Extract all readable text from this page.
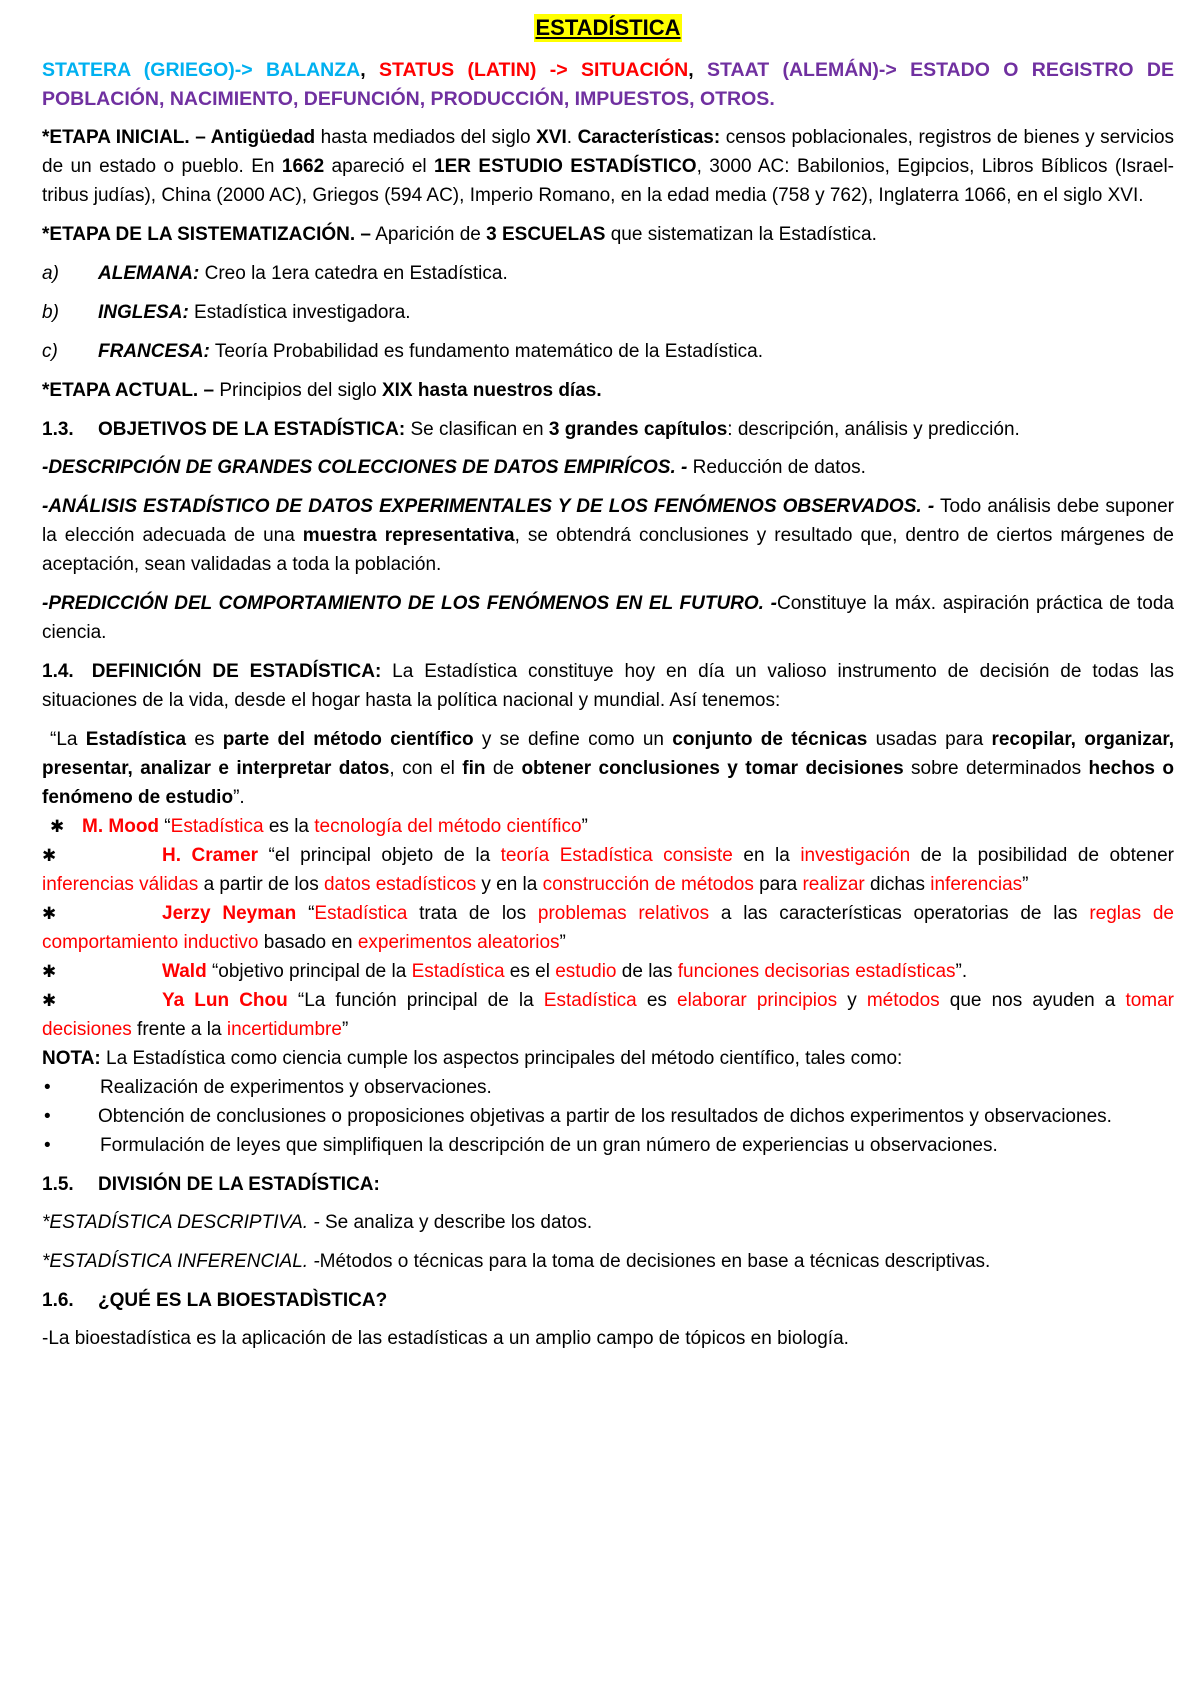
ESTADÍSTICA

STATERA (GRIEGO)-> BALANZA, STATUS (LATIN) -> SITUACIÓN, STAAT (ALEMÁN)-> ESTADO O REGISTRO DE POBLACIÓN, NACIMIENTO, DEFUNCIÓN, PRODUCCIÓN, IMPUESTOS, OTROS.

*ETAPA INICIAL. – Antigüedad hasta mediados del siglo XVI. Características: censos poblacionales, registros de bienes y servicios de un estado o pueblo. En 1662 apareció el 1ER ESTUDIO ESTADÍSTICO, 3000 AC: Babilonios, Egipcios, Libros Bíblicos (Israel- tribus judías), China (2000 AC), Griegos (594 AC), Imperio Romano, en la edad media (758 y 762), Inglaterra 1066, en el siglo XVI.

*ETAPA DE LA SISTEMATIZACIÓN. – Aparición de 3 ESCUELAS que sistematizan la Estadística.

a)	ALEMANA: Creo la 1era catedra en Estadística.
b)	INGLESA: Estadística investigadora.
c)	FRANCESA: Teoría Probabilidad es fundamento matemático de la Estadística.

*ETAPA ACTUAL. – Principios del siglo XIX hasta nuestros días.

1.3.	OBJETIVOS DE LA ESTADÍSTICA: Se clasifican en 3 grandes capítulos: descripción, análisis y predicción.

-DESCRIPCIÓN DE GRANDES COLECCIONES DE DATOS EMPIRÍCOS. - Reducción de datos.

-ANÁLISIS ESTADÍSTICO DE DATOS EXPERIMENTALES Y DE LOS FENÓMENOS OBSERVADOS. - Todo análisis debe suponer la elección adecuada de una muestra representativa, se obtendrá conclusiones y resultado que, dentro de ciertos márgenes de aceptación, sean validadas a toda la población.

-PREDICCIÓN DEL COMPORTAMIENTO DE LOS FENÓMENOS EN EL FUTURO. -Constituye la máx. aspiración práctica de toda ciencia.

1.4. DEFINICIÓN DE ESTADÍSTICA: La Estadística constituye hoy en día un valioso instrumento de decisión de todas las situaciones de la vida, desde el hogar hasta la política nacional y mundial. Así tenemos:

“La Estadística es parte del método científico y se define como un conjunto de técnicas usadas para recopilar, organizar, presentar, analizar e interpretar datos, con el fin de obtener conclusiones y tomar decisiones sobre determinados hechos o fenómeno de estudio”.

✱ M. Mood “Estadística es la tecnología del método científico”

✱	H. Cramer “el principal objeto de la teoría Estadística consiste en la investigación de la posibilidad de obtener inferencias válidas a partir de los datos estadísticos y en la construcción de métodos para realizar dichas inferencias”

✱	Jerzy Neyman “Estadística trata de los problemas relativos a las características operatorias de las reglas de comportamiento inductivo basado en experimentos aleatorios”

✱	Wald “objetivo principal de la Estadística es el estudio de las funciones decisorias estadísticas”.

✱	Ya Lun Chou “La función principal de la Estadística es elaborar principios y métodos que nos ayuden a tomar decisiones frente a la incertidumbre”

NOTA: La Estadística como ciencia cumple los aspectos principales del método científico, tales como:

•	Realización de experimentos y observaciones.

• Obtención de conclusiones o proposiciones objetivas a partir de los resultados de dichos experimentos y observaciones.

•	Formulación de leyes que simplifiquen la descripción de un gran número de experiencias u observaciones.
1.5.	DIVISIÓN DE LA ESTADÍSTICA:

*ESTADÍSTICA DESCRIPTIVA. - Se analiza y describe los datos.

*ESTADÍSTICA INFERENCIAL. -Métodos o técnicas para la toma de decisiones en base a técnicas descriptivas.

1.6.	¿QUÉ ES LA BIOESTADÌSTICA?

-La bioestadística es la aplicación de las estadísticas a un amplio campo de tópicos en biología.
